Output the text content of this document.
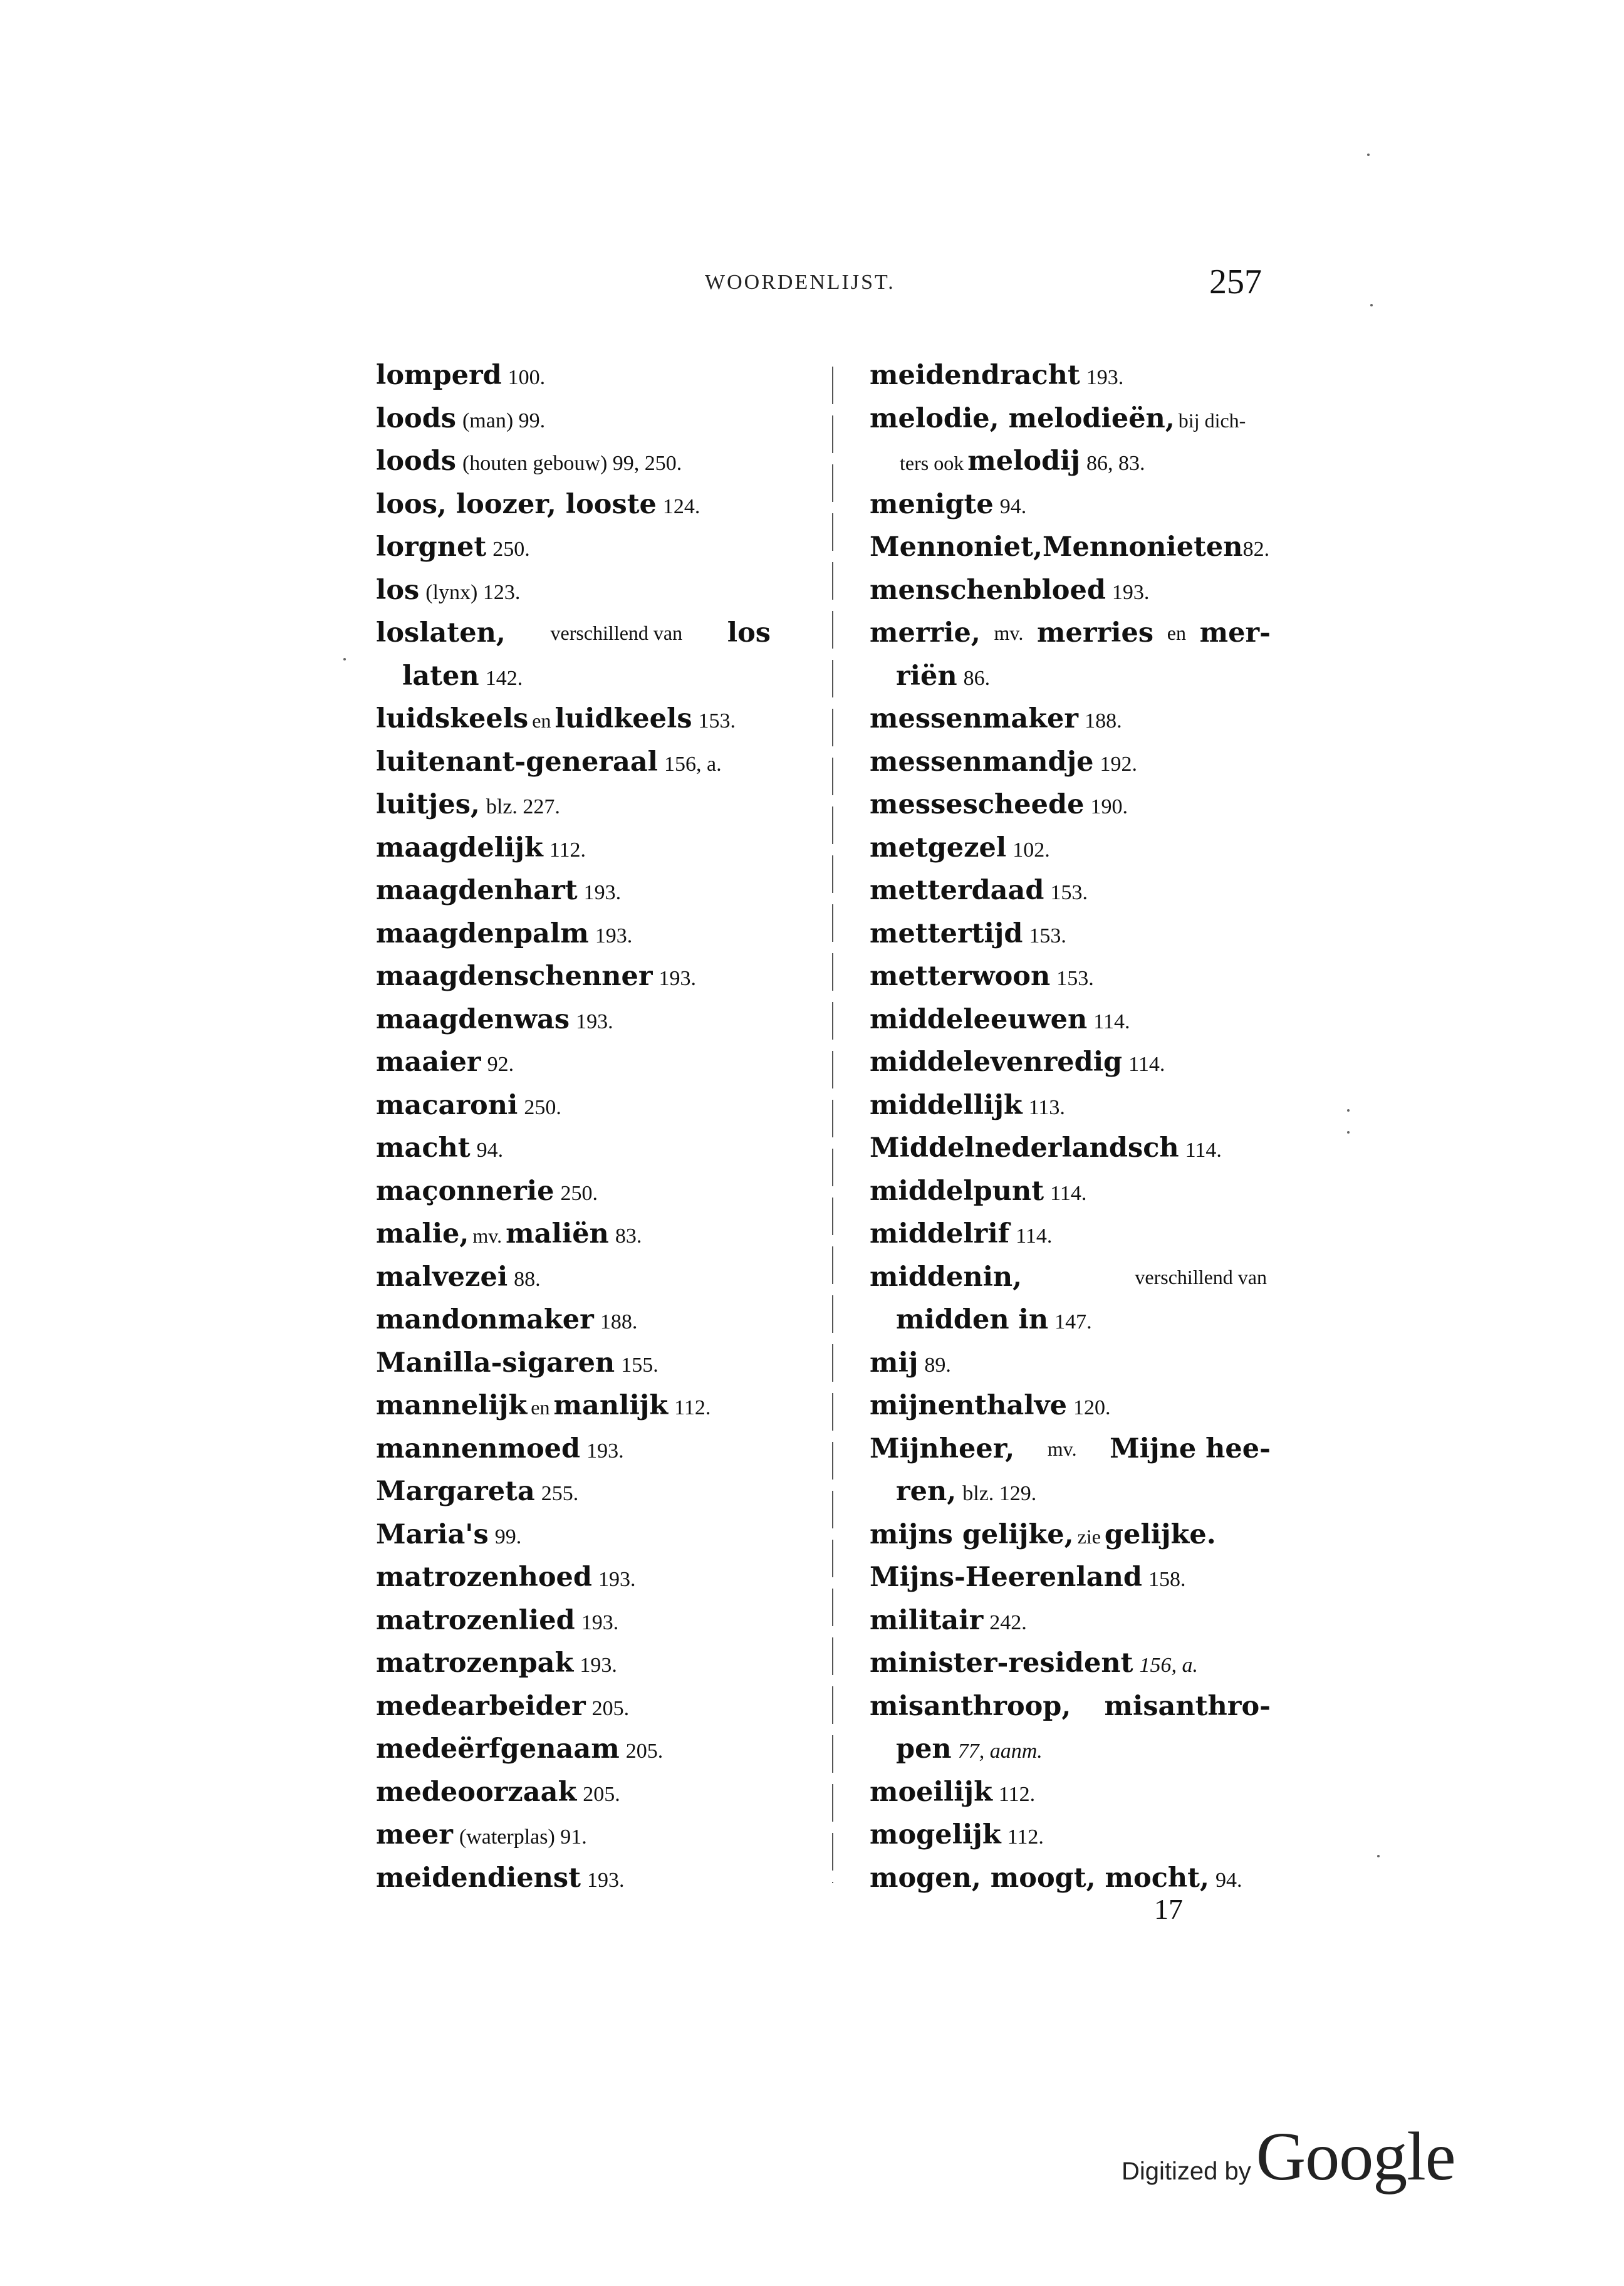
WOORDENLIJST.	257
lomperd 100.
loods (man) 99.
loods (houten gebouw) 99, 250.
loos, loozer, looste 124.
lorgnet 250.
los (lynx) 123.
loslaten, verschillend van los
laten 142.
luidskeels en luidkeels 153.
luitenant-generaal 156, a.
luitjes, blz. 227.
maagdelijk 112.
maagdenhart 193.
maagdenpalm 193.
maagdenschenner 193.
maagdenwas 193.
maaier 92.
macaroni 250.
macht 94.
maçonnerie 250.
malie, mv. maliën 83.
malvezei 88.
mandonmaker 188.
Manilla-sigaren 155.
mannelijk en manlijk 112.
mannenmoed 193.
Margareta 255.
Maria's 99.
matrozenhoed 193.
matrozenlied 193.
matrozenpak 193.
medearbeider 205.
medeërfgenaam 205.
medeoorzaak 205.
meer (waterplas) 91.
meidendienst 193.
meidendracht 193.
melodie, melodieën, bij dich-
ters ook melodij 86, 83.
menigte 94.
Mennoniet,Mennonieten82.
menschenbloed 193.
merrie, mv. merries en mer-
riën 86.
messenmaker 188.
messenmandje 192.
messescheede 190.
metgezel 102.
metterdaad 153.
mettertijd 153.
metterwoon 153.
middeleeuwen 114.
middelevenredig 114.
middellijk 113.
Middelnederlandsch 114.
middelpunt 114.
middelrif 114.
middenin,	verschillend van
midden in 147.
mij 89.
mijnenthalve 120.
Mijnheer, mv. Mijne hee-
ren, blz. 129.
mijns gelijke, zie gelijke.
Mijns-Heerenland 158.
militair 242.
minister-resident 156, a.
misanthroop, misanthro-
pen 77, aanm.
moeilijk 112.
mogelijk 112.
mogen, moogt, mocht, 94.
17
Digitized by Google
